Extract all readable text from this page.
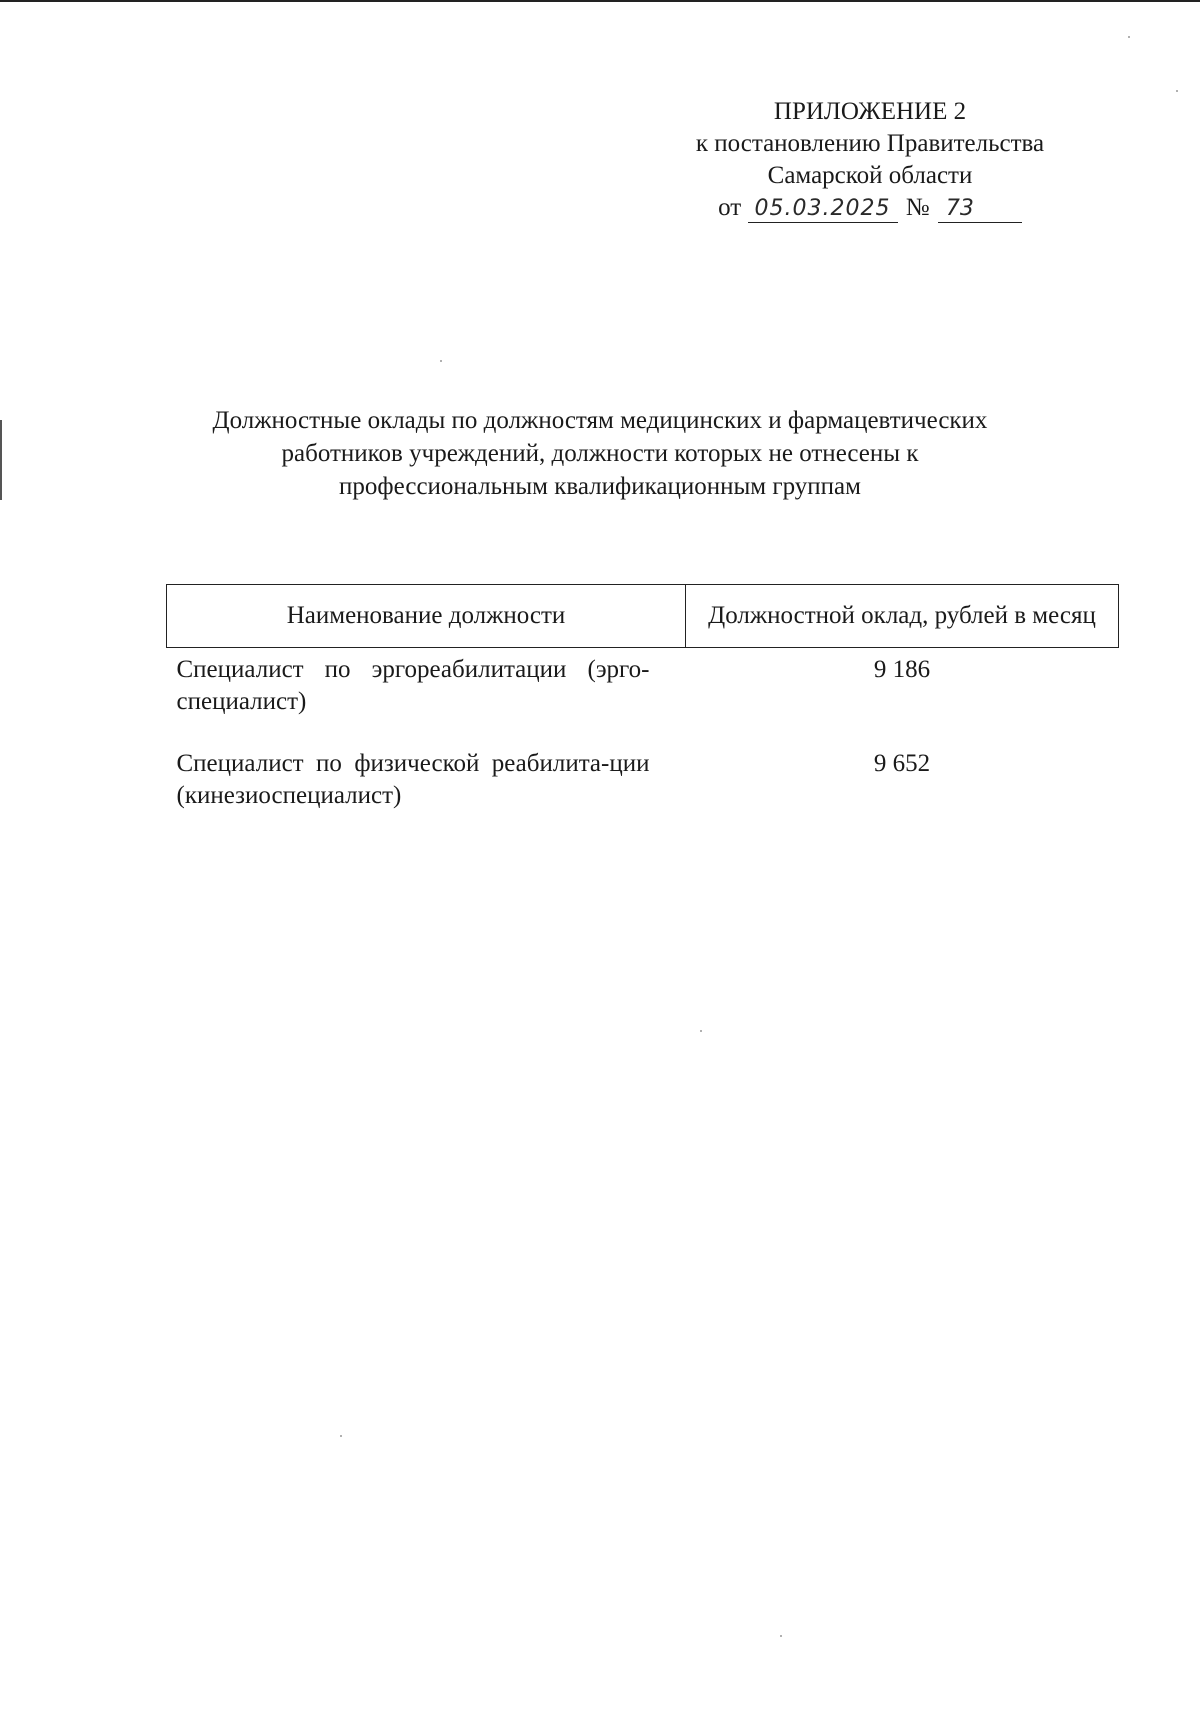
ПРИЛОЖЕНИЕ 2
к постановлению Правительства
Самарской области
от 05.03.2025 № 73
Должностные оклады по должностям медицинских и фармацевтических
работников учреждений, должности которых не отнесены к
профессиональным квалификационным группам
Наименование должности	Должностной оклад, рублей в месяц
Специалист по эргореабилитации (эрго-специалист)	9 186
Специалист по физической реабилита-ции (кинезиоспециалист)	9 652
